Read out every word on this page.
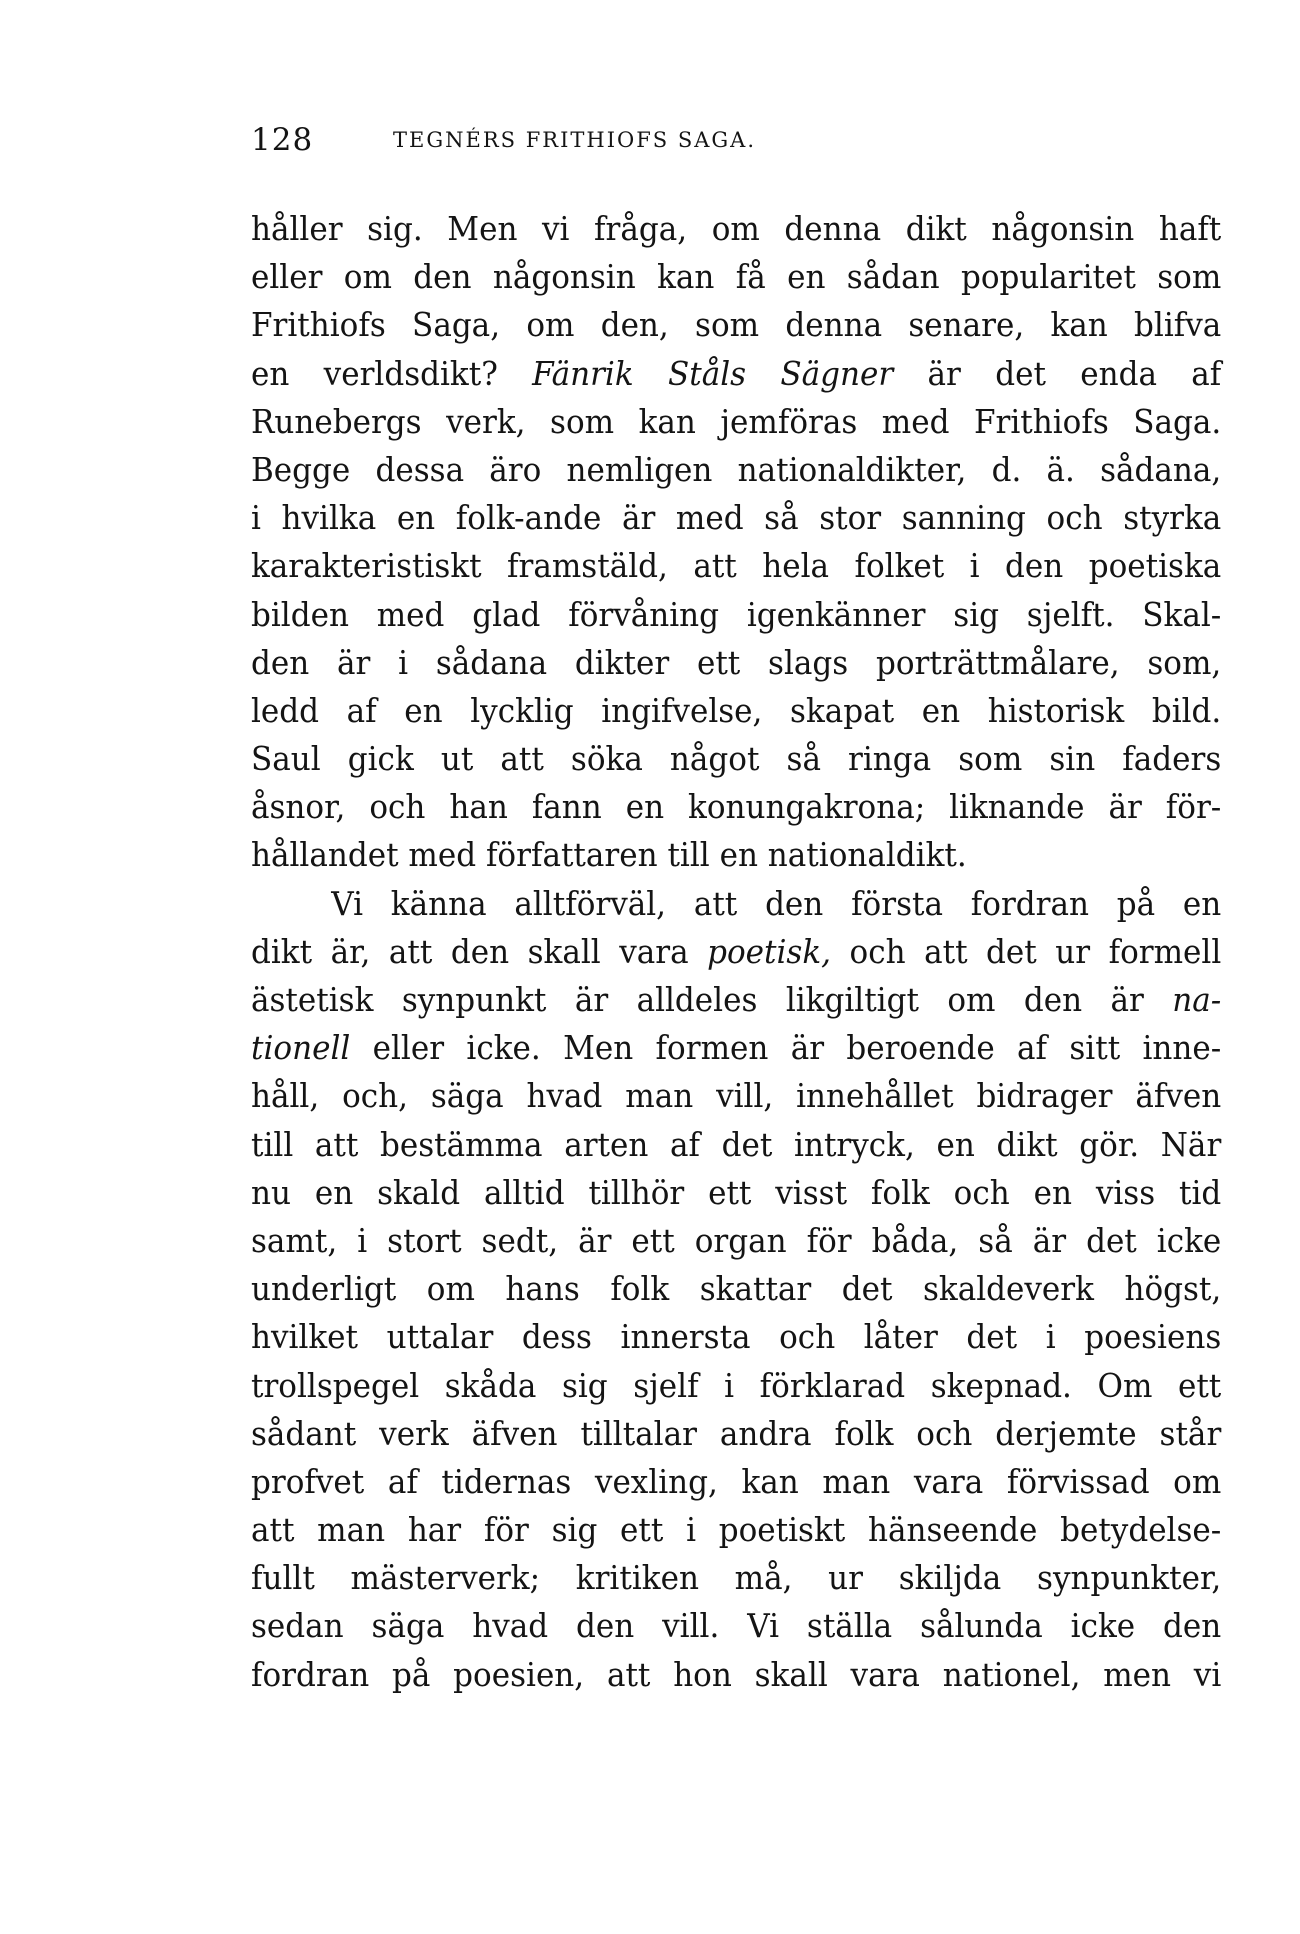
128	TEGNÉRS FRITHIOFS SAGA.
håller sig. Men vi fråga, om denna dikt någonsin haft
eller om den någonsin kan få en sådan popularitet som
Frithiofs Saga, om den, som denna senare, kan blifva
en verldsdikt? Fänrik Ståls Sägner är det enda af
Runebergs verk, som kan jemföras med Frithiofs Saga.
Begge dessa äro nemligen nationaldikter, d. ä. sådana,
i hvilka en folk-ande är med så stor sanning och styrka
karakteristiskt framstäld, att hela folket i den poetiska
bilden med glad förvåning igenkänner sig sjelft. Skal-
den är i sådana dikter ett slags porträttmålare, som,
ledd af en lycklig ingifvelse, skapat en historisk bild.
Saul gick ut att söka något så ringa som sin faders
åsnor, och han fann en konungakrona; liknande är för-
hållandet med författaren till en nationaldikt.
Vi känna alltförväl, att den första fordran på en
dikt är, att den skall vara poetisk, och att det ur formell
ästetisk synpunkt är alldeles likgiltigt om den är na-
tionell eller icke. Men formen är beroende af sitt inne-
håll, och, säga hvad man vill, innehållet bidrager äfven
till att bestämma arten af det intryck, en dikt gör. När
nu en skald alltid tillhör ett visst folk och en viss tid
samt, i stort sedt, är ett organ för båda, så är det icke
underligt om hans folk skattar det skaldeverk högst,
hvilket uttalar dess innersta och låter det i poesiens
trollspegel skåda sig sjelf i förklarad skepnad. Om ett
sådant verk äfven tilltalar andra folk och derjemte står
profvet af tidernas vexling, kan man vara förvissad om
att man har för sig ett i poetiskt hänseende betydelse-
fullt mästerverk; kritiken må, ur skiljda synpunkter,
sedan säga hvad den vill. Vi ställa sålunda icke den
fordran på poesien, att hon skall vara nationel, men vi
